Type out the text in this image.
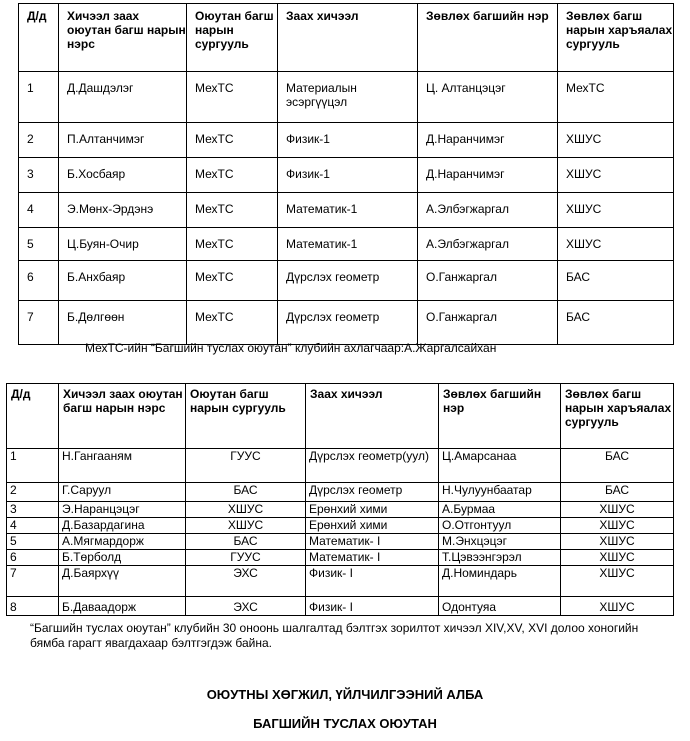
Д/д	Хичээл заах оюутан багш нарын нэрс	Оюутан багш нарын сургууль	Заах хичээл	Зөвлөх багшийн нэр	Зөвлөх багш нарын харъяалах сургууль

1	Д.Дашдэлэг	МехТС	Материалын эсэргүүцэл	Ц. Алтанцэцэг	МехТС

2	П.Алтанчимэг	МехТС	Физик-1	Д.Наранчимэг	ХШУС

3	Б.Хосбаяр	МехТС	Физик-1	Д.Наранчимэг	ХШУС

4	Э.Мөнх-Эрдэнэ	МехТС	Математик-1	А.Элбэгжаргал	ХШУС

5	Ц.Буян-Очир	МехТС	Математик-1	А.Элбэгжаргал	ХШУС

6	Б.Анхбаяр	МехТС	Дүрслэх геометр	О.Ганжаргал	БАС

7	Б.Дөлгөөн	МехТС	Дүрслэх геометр	О.Ганжаргал	БАС
МехТС-ийн “Багшийн туслах оюутан” клубийн ахлагчаар:А.Жаргалсайхан
Д/д	Хичээл заах оюутан багш нарын нэрс	Оюутан багш нарын сургууль	Заах хичээл	Зөвлөх багшийн нэр	Зөвлөх багш нарын харъяалах сургууль

1	Н.Гангааням	ГУУС	Дүрслэх геометр(уул)	Ц.Амарсанаа	БАС

2	Г.Саруул	БАС	Дүрслэх геометр	Н.Чулуунбаатар	БАС

3	Э.Наранцэцэг	ХШУС	Ерөнхий хими	А.Бурмаа	ХШУС

4	Д.Базардагина	ХШУС	Ерөнхий хими	О.Отгонтуул	ХШУС

5	А.Мягмардорж	БАС	Математик- I	М.Энхцэцэг	ХШУС

6	Б.Төрболд	ГУУС	Математик- I	Т.Цэвээнгэрэл	ХШУС

7	Д.Баярхүү	ЭХС	Физик- I	Д.Номиндарь	ХШУС

8	Б.Даваадорж	ЭХС	Физик- I	Одонтуяа	ХШУС
“Багшийн туслах оюутан” клубийн 30 оноонь шалгалтад бэлтгэх зорилтот хичээл XIV,XV, XVI долоо хоногийн бямба гарагт явагдахаар бэлтгэгдэж байна.
ОЮУТНЫ ХӨГЖИЛ, ҮЙЛЧИЛГЭЭНИЙ АЛБА
БАГШИЙН ТУСЛАХ ОЮУТАН
